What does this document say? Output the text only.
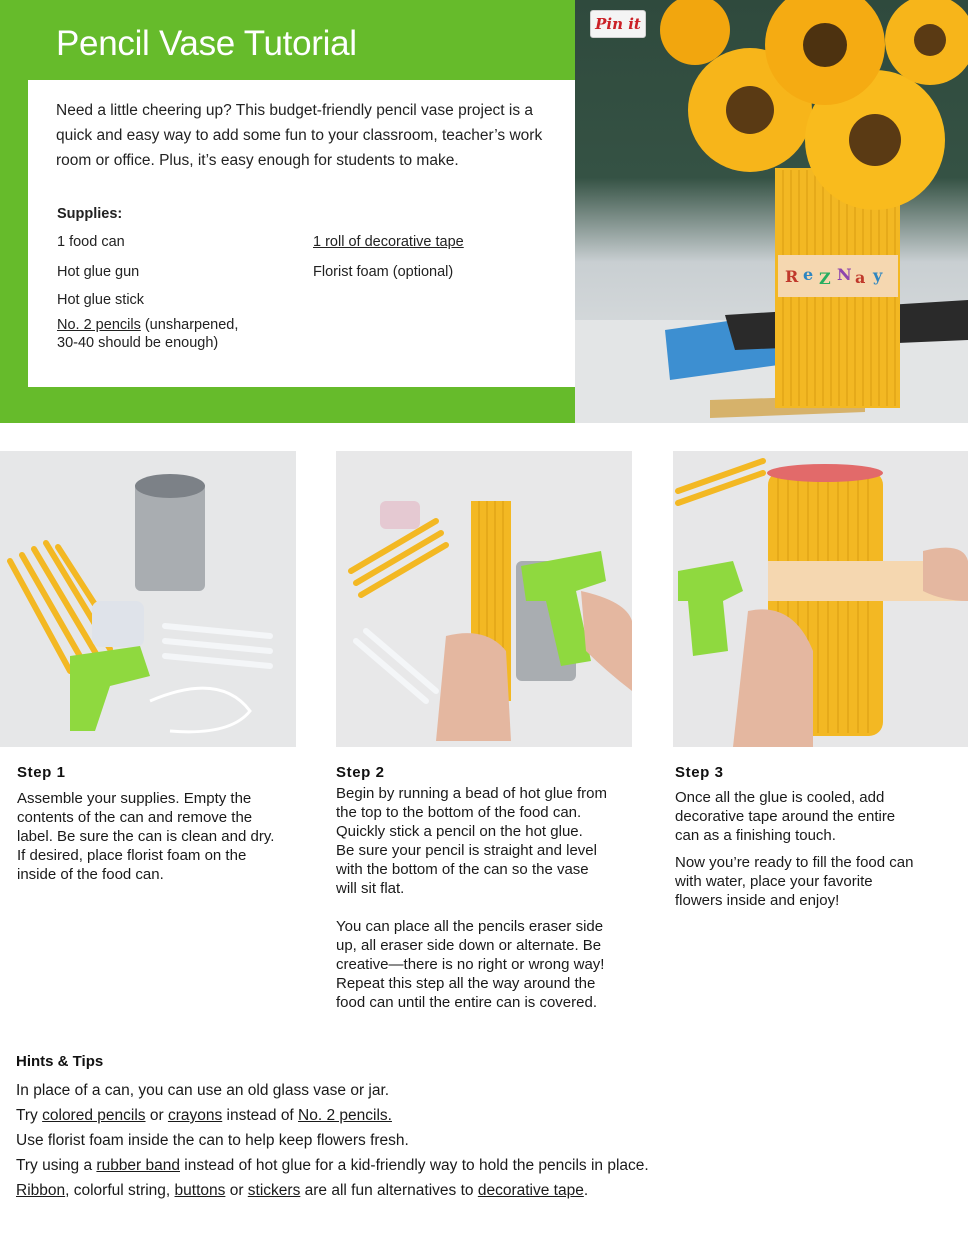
Pencil Vase Tutorial

Need a little cheering up? This budget-friendly pencil vase project is a quick and easy way to add some fun to your classroom, teacher’s work room or office. Plus, it’s easy enough for students to make.

Supplies:
1 food can
Hot glue gun
Hot glue stick
No. 2 pencils (unsharpened,
30-40 should be enough)
1 roll of decorative tape
Florist foam (optional)	R e Z N a y
Pin it
Step 1
Assemble your supplies. Empty the
contents of the can and remove the
label. Be sure the can is clean and dry.
If desired, place florist foam on the
inside of the food can.
Step 2
Begin by running a bead of hot glue from
the top to the bottom of the food can.
Quickly stick a pencil on the hot glue.
Be sure your pencil is straight and level
with the bottom of the can so the vase
will sit flat.
You can place all the pencils eraser side
up, all eraser side down or alternate. Be
creative—there is no right or wrong way!
Repeat this step all the way around the
food can until the entire can is covered.
Step 3
Once all the glue is cooled, add
decorative tape around the entire
can as a finishing touch.
Now you’re ready to fill the food can
with water, place your favorite
flowers inside and enjoy!
Hints & Tips
In place of a can, you can use an old glass vase or jar.
Try colored pencils or crayons instead of No. 2 pencils.
Use florist foam inside the can to help keep flowers fresh.
Try using a rubber band instead of hot glue for a kid-friendly way to hold the pencils in place.
Ribbon, colorful string, buttons or stickers are all fun alternatives to decorative tape.
